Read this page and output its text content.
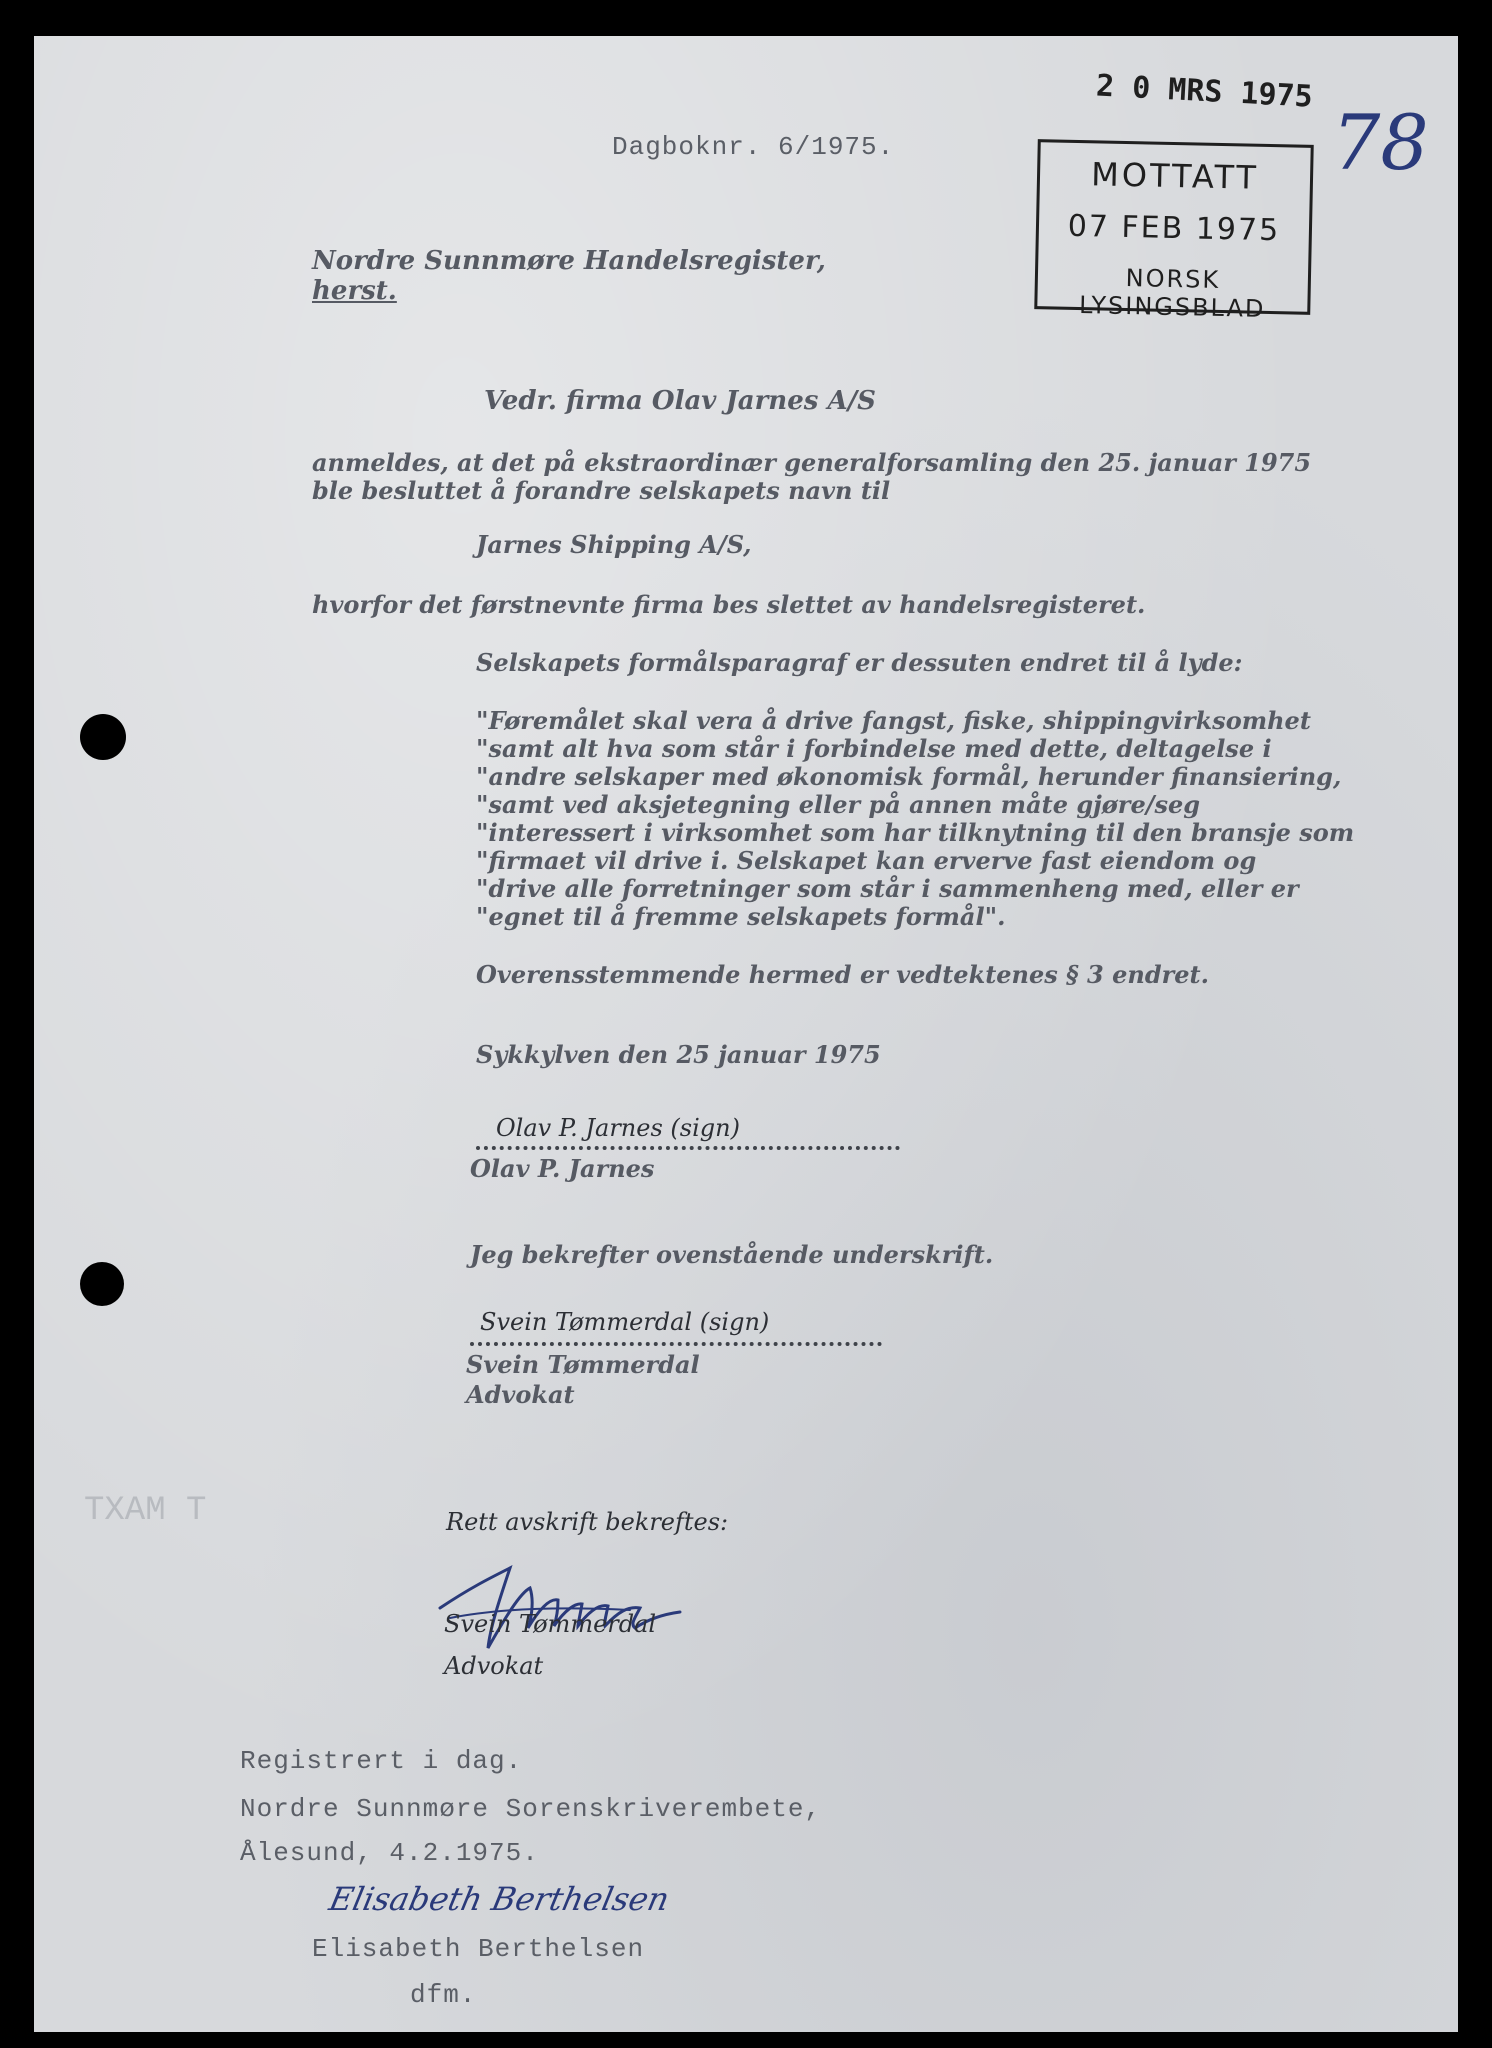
TXAM T
Dagboknr. 6/1975.
2 0 MRS 1975
78
MOTTATT
07 FEB 1975
NORSK LYSINGSBLAD
Nordre Sunnmøre Handelsregister,
herst.
Vedr. firma Olav Jarnes A/S
anmeldes, at det på ekstraordinær generalforsamling den 25. januar 1975
ble besluttet å forandre selskapets navn til
Jarnes Shipping A/S,
hvorfor det førstnevnte firma bes slettet av handelsregisteret.
Selskapets formålsparagraf er dessuten endret til å lyde:
"Føremålet skal vera å drive fangst, fiske, shippingvirksomhet
"samt alt hva som står i forbindelse med dette, deltagelse i
"andre selskaper med økonomisk formål, herunder finansiering,
"samt ved aksjetegning eller på annen måte gjøre/seg
"interessert i virksomhet som har tilknytning til den bransje som
"firmaet vil drive i. Selskapet kan erverve fast eiendom og
"drive alle forretninger som står i sammenheng med, eller er
"egnet til å fremme selskapets formål".
Overensstemmende hermed er vedtektenes § 3 endret.
Sykkylven den 25 januar 1975
Olav P. Jarnes (sign)
Olav P. Jarnes
Jeg bekrefter ovenstående underskrift.
Svein Tømmerdal (sign)
Svein Tømmerdal
Advokat
Rett avskrift bekreftes:
Svein Tømmerdal
Advokat
Registrert i dag.
Nordre Sunnmøre Sorenskriverembete,
Ålesund, 4.2.1975.
Elisabeth Berthelsen
Elisabeth Berthelsen
dfm.
